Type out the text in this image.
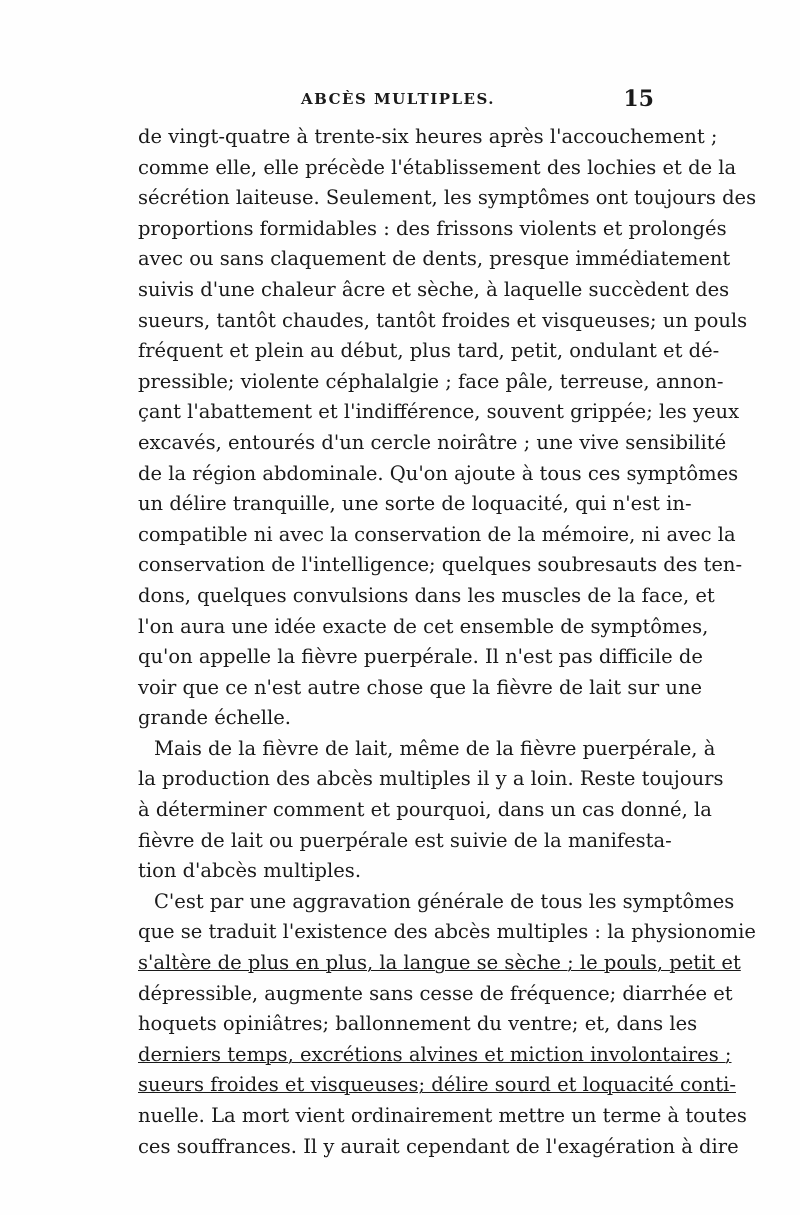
ABCÈS MULTIPLES.	15
de vingt-quatre à trente-six heures après l'accouchement ;
comme elle, elle précède l'établissement des lochies et de la
sécrétion laiteuse. Seulement, les symptômes ont toujours des
proportions formidables : des frissons violents et prolongés
avec ou sans claquement de dents, presque immédiatement
suivis d'une chaleur âcre et sèche, à laquelle succèdent des
sueurs, tantôt chaudes, tantôt froides et visqueuses; un pouls
fréquent et plein au début, plus tard, petit, ondulant et dé-
pressible; violente céphalalgie ; face pâle, terreuse, annon-
çant l'abattement et l'indifférence, souvent grippée; les yeux
excavés, entourés d'un cercle noirâtre ; une vive sensibilité
de la région abdominale. Qu'on ajoute à tous ces symptômes
un délire tranquille, une sorte de loquacité, qui n'est in-
compatible ni avec la conservation de la mémoire, ni avec la
conservation de l'intelligence; quelques soubresauts des ten-
dons, quelques convulsions dans les muscles de la face, et
l'on aura une idée exacte de cet ensemble de symptômes,
qu'on appelle la fièvre puerpérale. Il n'est pas difficile de
voir que ce n'est autre chose que la fièvre de lait sur une
grande échelle.
Mais de la fièvre de lait, même de la fièvre puerpérale, à
la production des abcès multiples il y a loin. Reste toujours
à déterminer comment et pourquoi, dans un cas donné, la
fièvre de lait ou puerpérale est suivie de la manifesta-
tion d'abcès multiples.
C'est par une aggravation générale de tous les symptômes
que se traduit l'existence des abcès multiples : la physionomie
s'altère de plus en plus, la langue se sèche ; le pouls, petit et
dépressible, augmente sans cesse de fréquence; diarrhée et
hoquets opiniâtres; ballonnement du ventre; et, dans les
derniers temps, excrétions alvines et miction involontaires ;
sueurs froides et visqueuses; délire sourd et loquacité conti-
nuelle. La mort vient ordinairement mettre un terme à toutes
ces souffrances. Il y aurait cependant de l'exagération à dire
